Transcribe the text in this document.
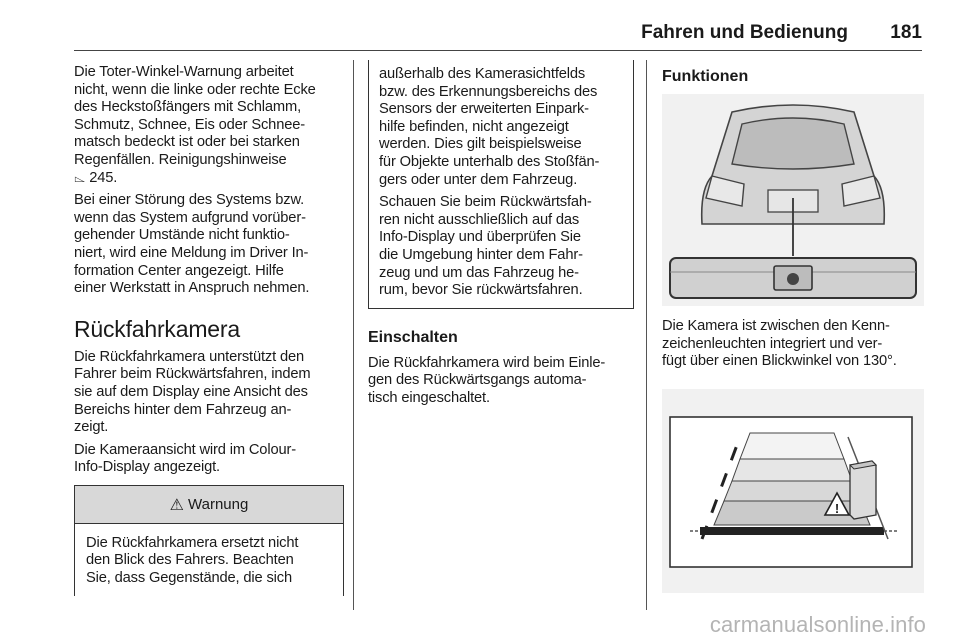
Fahren und Bedienung 181

Die Toter-Winkel-Warnung arbeitet
nicht, wenn die linke oder rechte Ecke
des Heckstoßfängers mit Schlamm,
Schmutz, Schnee, Eis oder Schnee-
matsch bedeckt ist oder bei starken
Regenfällen. Reinigungshinweise
⌳ 245.

Bei einer Störung des Systems bzw.
wenn das System aufgrund vorüber-
gehender Umstände nicht funktio-
niert, wird eine Meldung im Driver In-
formation Center angezeigt. Hilfe
einer Werkstatt in Anspruch nehmen.

Rückfahrkamera

Die Rückfahrkamera unterstützt den
Fahrer beim Rückwärtsfahren, indem
sie auf dem Display eine Ansicht des
Bereichs hinter dem Fahrzeug an-
zeigt.

Die Kameraansicht wird im Colour-
Info-Display angezeigt.

⚠ Warnung

Die Rückfahrkamera ersetzt nicht
den Blick des Fahrers. Beachten
Sie, dass Gegenstände, die sich

außerhalb des Kamerasichtfelds
bzw. des Erkennungsbereichs des
Sensors der erweiterten Einpark-
hilfe befinden, nicht angezeigt
werden. Dies gilt beispielsweise
für Objekte unterhalb des Stoßfän-
gers oder unter dem Fahrzeug.

Schauen Sie beim Rückwärtsfah-
ren nicht ausschließlich auf das
Info-Display und überprüfen Sie
die Umgebung hinter dem Fahr-
zeug und um das Fahrzeug he-
rum, bevor Sie rückwärtsfahren.

Einschalten

Die Rückfahrkamera wird beim Einle-
gen des Rückwärtsgangs automa-
tisch eingeschaltet.

Funktionen

Die Kamera ist zwischen den Kenn-
zeichenleuchten integriert und ver-
fügt über einen Blickwinkel von 130°.

!
carmanualsonline.info
